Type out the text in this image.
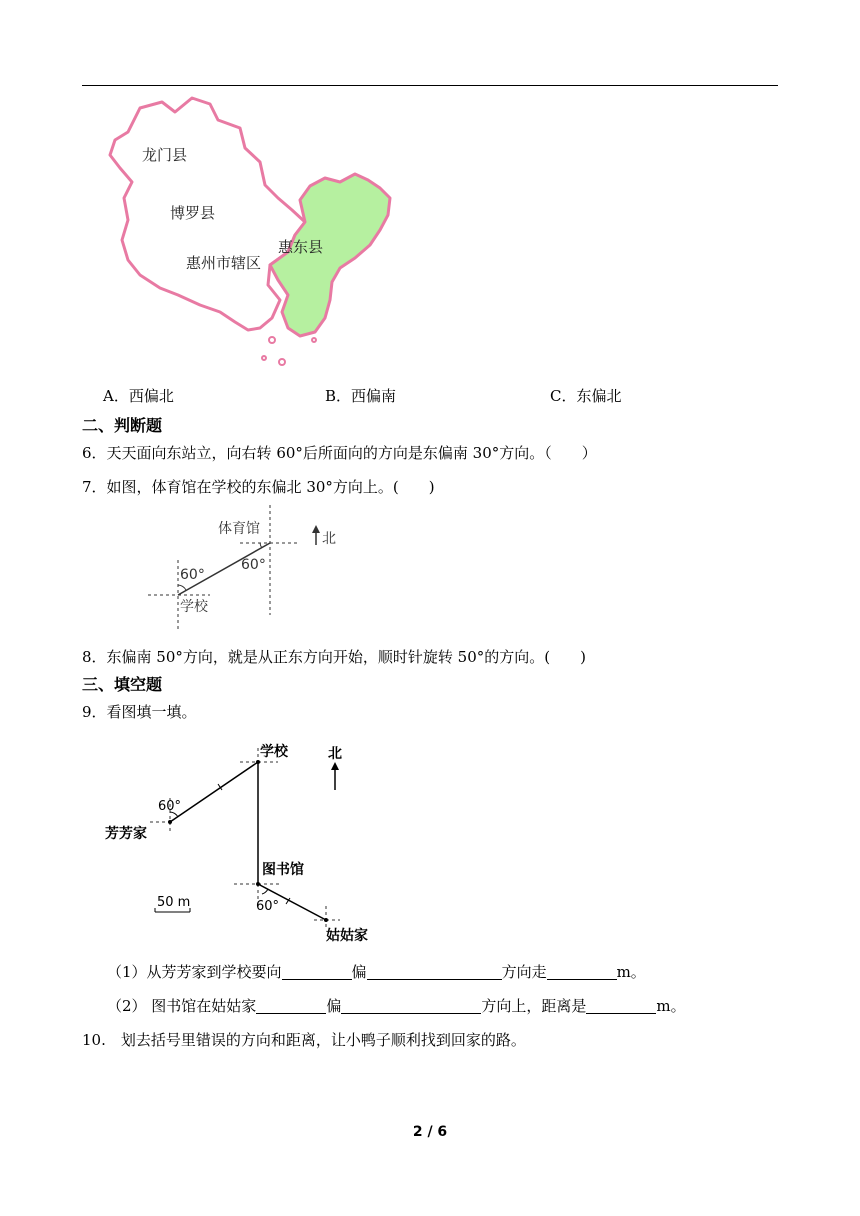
龙门县
博罗县
惠州市辖区
惠东县
A．西偏北	B．西偏南	C．东偏北
二、判断题
6．天天面向东站立，向右转 60°后所面向的方向是东偏南 30°方向。（　　）
7．如图，体育馆在学校的东偏北 30°方向上。(　　)
体育馆
60°
60°
学校
北
8．东偏南 50°方向，就是从正东方向开始，顺时针旋转 50°的方向。(　　)
三、填空题
9．看图填一填。
学校	北
60°
芳芳家
图书馆
60°
姑姑家
50 m
（1）从芳芳家到学校要向	偏	方向走	m。
（2） 图书馆在姑姑家	偏	方向上，距离是	m。
10.　划去括号里错误的方向和距离，让小鸭子顺利找到回家的路。
2 / 6
